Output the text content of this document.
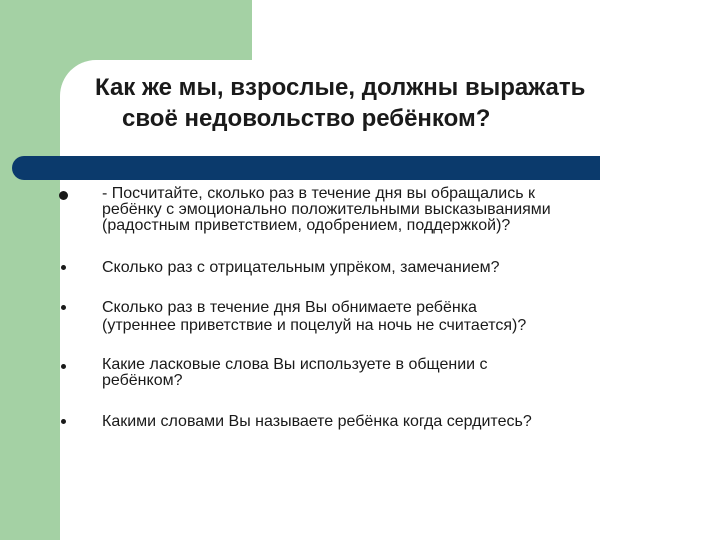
Как же мы, взрослые, должны выражать
своё недовольство ребёнком?
- Посчитайте, сколько раз в течение дня вы обращались к
ребёнку с эмоционально положительными высказываниями
(радостным приветствием, одобрением, поддержкой)?
Сколько раз с отрицательным упрёком, замечанием?
Сколько раз в течение дня Вы обнимаете ребёнка
(утреннее приветствие и поцелуй на ночь не считается)?
Какие ласковые слова Вы используете в общении с
ребёнком?
Какими словами Вы называете ребёнка когда сердитесь?
